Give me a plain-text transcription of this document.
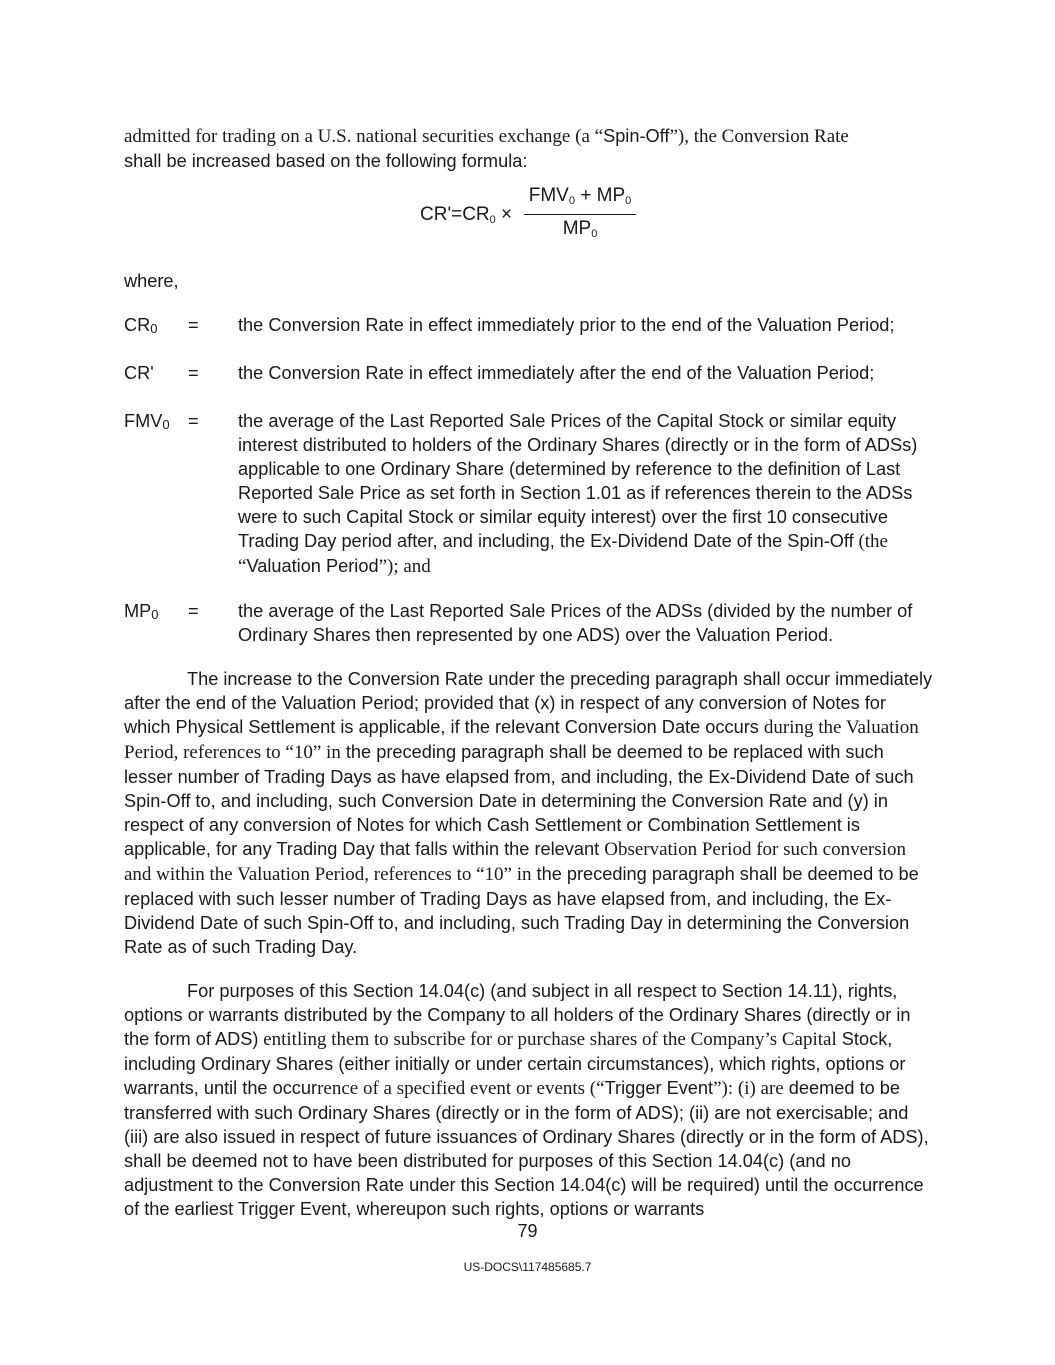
admitted for trading on a U.S. national securities exchange (a “Spin-Off”), the Conversion Rate
shall be increased based on the following formula:

$CR'=CR_0$ ×
$FMV_0 + MP_0$
$MP_0$

where,

$CR_0$	=	the Conversion Rate in effect immediately prior to the end of the Valuation Period;
CR'	=	the Conversion Rate in effect immediately after the end of the Valuation Period;
$FMV_0$	=	the average of the Last Reported Sale Prices of the Capital Stock or similar equity interest distributed to holders of the Ordinary Shares (directly or in the form of ADSs) applicable to one Ordinary Share (determined by reference to the definition of Last Reported Sale Price as set forth in Section 1.01 as if references therein to the ADSs were to such Capital Stock or similar equity interest) over the first 10 consecutive Trading Day period after, and including, the Ex-Dividend Date of the Spin-Off (the “Valuation Period”); and
$MP_0$	=	the average of the Last Reported Sale Prices of the ADSs (divided by the number of Ordinary Shares then represented by one ADS) over the Valuation Period.

The increase to the Conversion Rate under the preceding paragraph shall occur immediately after the end of the Valuation Period; provided that (x) in respect of any conversion of Notes for which Physical Settlement is applicable, if the relevant Conversion Date occurs during the Valuation Period, references to “10” in the preceding paragraph shall be deemed to be replaced with such lesser number of Trading Days as have elapsed from, and including, the Ex-Dividend Date of such Spin-Off to, and including, such Conversion Date in determining the Conversion Rate and (y) in respect of any conversion of Notes for which Cash Settlement or Combination Settlement is applicable, for any Trading Day that falls within the relevant Observation Period for such conversion and within the Valuation Period, references to “10” in the preceding paragraph shall be deemed to be replaced with such lesser number of Trading Days as have elapsed from, and including, the Ex-Dividend Date of such Spin-Off to, and including, such Trading Day in determining the Conversion Rate as of such Trading Day.

For purposes of this Section 14.04(c) (and subject in all respect to Section 14.11), rights, options or warrants distributed by the Company to all holders of the Ordinary Shares (directly or in the form of ADS) entitling them to subscribe for or purchase shares of the Company’s Capital Stock, including Ordinary Shares (either initially or under certain circumstances), which rights, options or warrants, until the occurrence of a specified event or events (“Trigger Event”): (i) are deemed to be transferred with such Ordinary Shares (directly or in the form of ADS); (ii) are not exercisable; and (iii) are also issued in respect of future issuances of Ordinary Shares (directly or in the form of ADS), shall be deemed not to have been distributed for purposes of this Section 14.04(c) (and no adjustment to the Conversion Rate under this Section 14.04(c) will be required) until the occurrence of the earliest Trigger Event, whereupon such rights, options or warrants

79
US-DOCS\117485685.7
